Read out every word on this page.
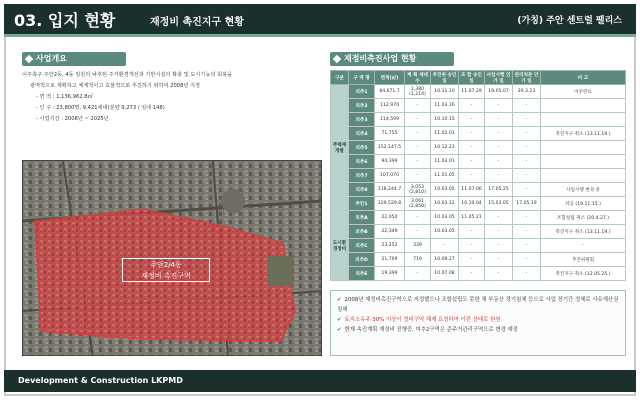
03. 입지 현황	재정비 촉진지구 현황	(가칭) 주안 센트럴 팰리스
사업개요
이주촉구 주안2동, 4동 일원의 낙후된 주거환경개선과 기반시설의 확충 및 도시기능의 회복을
광역적으로 계획하고 체계적이고 효율적으로 추진하기 위하여 2008년 지정
- 면 적 : 1,136,962.8㎡
- 인 구 : 23,800명, 9,421세대(분양 9,273 / 임대 148)
- 사업기간 : 2008년 ~ 2025년
주안2/4동
재정비 촉진구역
재정비촉진사업 현황
구분	구 역 명	면적(㎡)	계 획 세대수	추진위 승인일	조 합 승인일	사업시행 인 가 일	관리처분 인 가 일	비 고
주택재개발	의추1	84,671.7	1,380 (1,214)	10.11.10	11.07.29	19.05.07	20.3.23	이주완료
	의추2	112,970	-	11.03.16	-	-	-	
	의추3	114,599	-	10.10.15	-	-	-	
	의추4	71,755	-	11.02.01	-	-	-	촉진지구 취소 (13.11.19.)
	의추5	152,147.5	-	10.12.23	-	-	-	
	의추6	94,399	-	11.02.01	-	-	-	
	의추7	107,070	-	11.01.05	-	-	-	
	의추8	118,244.7	3,053 (2,810)	10.03.05	11.07.06	17.05.25	-	사업시행 변경 중
	주안1	129,529.8	3,061 (2,850)	10.03.12	10.10.04	15.03.05	17.05.19	착공 (19.11.15.)
도시환경정비	의추A	22,050	-	10.03.05	11.05.21	-	-	조합설립 취소 (20.4.27.)
	의추B	22,349	-	10.03.05	-	-	-	촉진지구 취소 (13.11.19.)
	의추C	23,252	339	-	-	-	-	-
	의추D	21,709	719	10.09.27	-	-	-	추진위원회
	의추E	19,399	-	10.07.08	-	-	-	촉진지구 취소 (12.05.25.)
✔ 2008년 재정비촉진구역으로 지정했으나 조합설립도 못한 채 부동산 경기침체 등으로 사업 장기간 정체로 사유재산권 침해
✔ 토지소유주 30% 이상이 정비구역 해제 요청하여 이전 상태로 원원
✔ 현재 속진계획 재정비 진행중, 미추2구역은 준주거관리구역으로 변경 예정
Development & Construction LKPMD
